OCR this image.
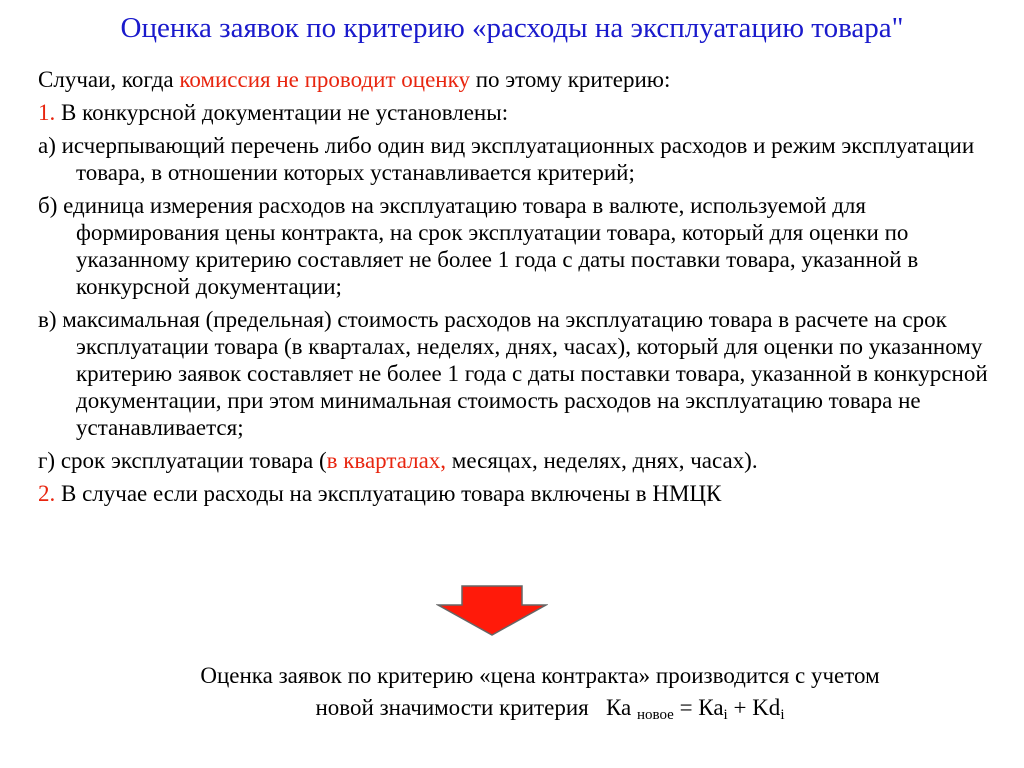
Оценка заявок по критерию «расходы на эксплуатацию товара"
Случаи, когда комиссия не проводит оценку по этому критерию:
1. В конкурсной документации не установлены:
а) исчерпывающий перечень либо один вид эксплуатационных расходов и режим эксплуатации товара, в отношении которых устанавливается критерий;
б) единица измерения расходов на эксплуатацию товара в валюте, используемой для формирования цены контракта, на срок эксплуатации товара, который для оценки по указанному критерию составляет не более 1 года с даты поставки товара, указанной в конкурсной документации;
в) максимальная (предельная) стоимость расходов на эксплуатацию товара в расчете на срок эксплуатации товара (в кварталах, неделях, днях, часах), который для оценки по указанному критерию заявок составляет не более 1 года с даты поставки товара, указанной в конкурсной документации, при этом минимальная стоимость расходов на эксплуатацию товара не устанавливается;
г) срок эксплуатации товара (в кварталах, месяцах, неделях, днях, часах).
2. В случае если расходы на эксплуатацию товара включены в НМЦК
Оценка заявок по критерию «цена контракта» производится с учетом
новой значимости критерия Ка $_{новое} = Ка_i + Kd_i$
